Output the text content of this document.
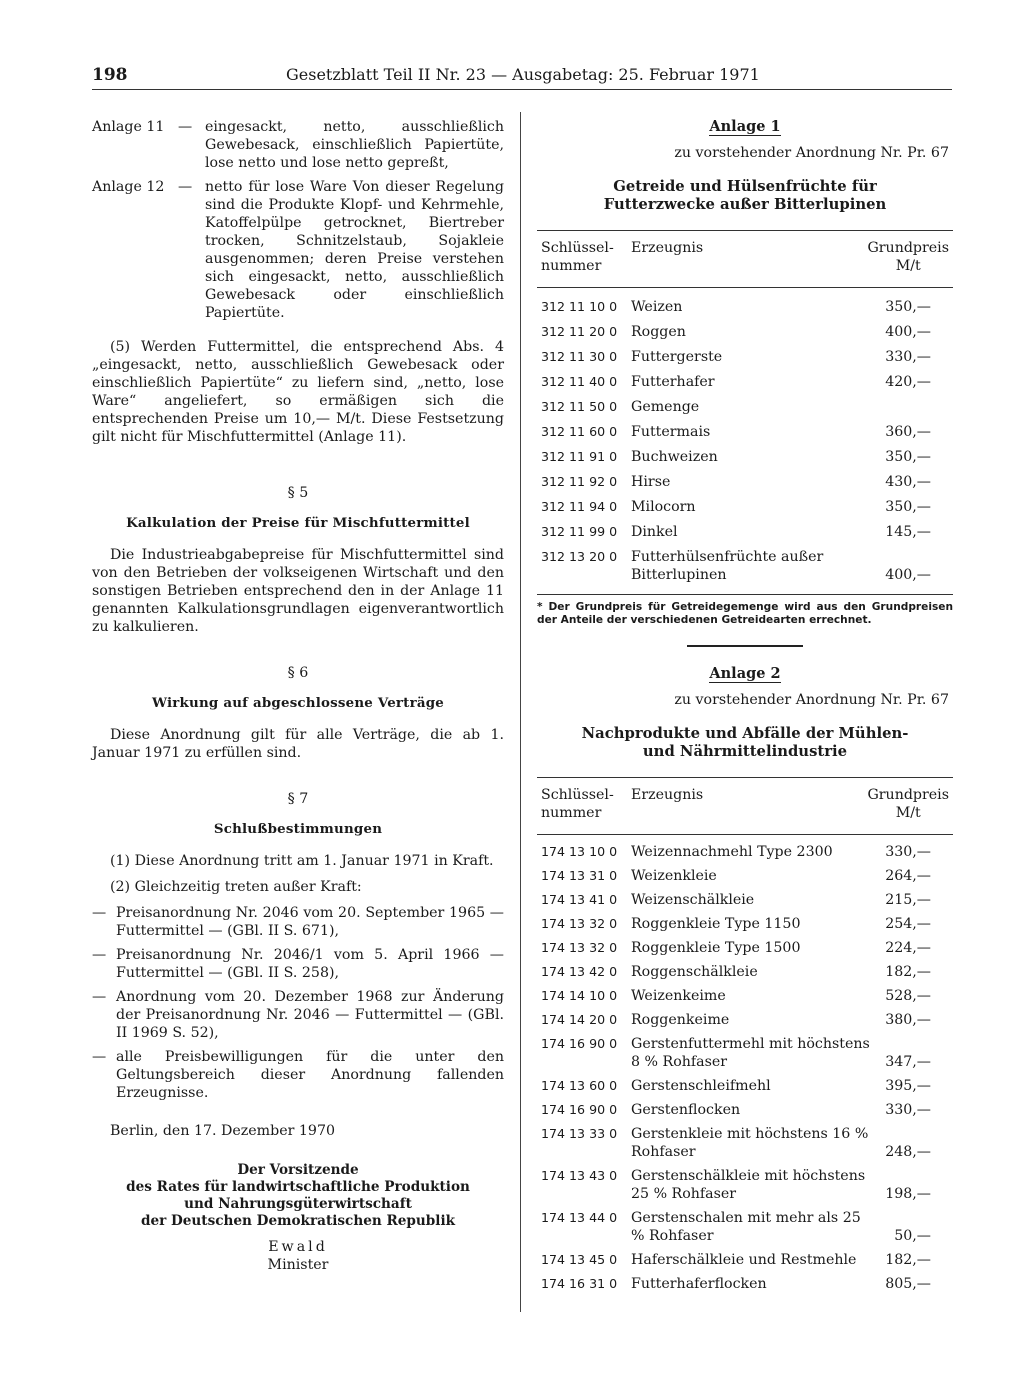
198	Gesetzblatt Teil II Nr. 23 — Ausgabetag: 25. Februar 1971
Anlage 11 — eingesackt, netto, ausschließlich Gewebesack, einschließlich Papiertüte, lose netto und lose netto gepreßt,
Anlage 12 — netto für lose Ware Von dieser Regelung sind die Produkte Klopf- und Kehrmehle, Katoffelpülpe getrocknet, Biertreber trocken, Schnitzelstaub, Sojakleie ausgenommen; deren Preise verstehen sich eingesackt, netto, ausschließlich Gewebesack oder einschließlich Papiertüte.
(5) Werden Futtermittel, die entsprechend Abs. 4 „eingesackt, netto, ausschließlich Gewebesack oder einschließlich Papiertüte“ zu liefern sind, „netto, lose Ware“ angeliefert, so ermäßigen sich die entsprechenden Preise um 10,— M/t. Diese Festsetzung gilt nicht für Mischfuttermittel (Anlage 11).
§ 5
Kalkulation der Preise für Mischfuttermittel
Die Industrieabgabepreise für Mischfuttermittel sind von den Betrieben der volkseigenen Wirtschaft und den sonstigen Betrieben entsprechend den in der Anlage 11 genannten Kalkulationsgrundlagen eigenverantwortlich zu kalkulieren.
§ 6
Wirkung auf abgeschlossene Verträge
Diese Anordnung gilt für alle Verträge, die ab 1. Januar 1971 zu erfüllen sind.
§ 7
Schlußbestimmungen
(1) Diese Anordnung tritt am 1. Januar 1971 in Kraft.
(2) Gleichzeitig treten außer Kraft:
— Preisanordnung Nr. 2046 vom 20. September 1965 — Futtermittel — (GBl. II S. 671),
— Preisanordnung Nr. 2046/1 vom 5. April 1966 — Futtermittel — (GBl. II S. 258),
— Anordnung vom 20. Dezember 1968 zur Änderung der Preisanordnung Nr. 2046 — Futtermittel — (GBl. II 1969 S. 52),
— alle Preisbewilligungen für die unter den Geltungsbereich dieser Anordnung fallenden Erzeugnisse.
Berlin, den 17. Dezember 1970
Der Vorsitzende
des Rates für landwirtschaftliche Produktion
und Nahrungsgüterwirtschaft
der Deutschen Demokratischen Republik
Ewald
Minister
Anlage 1
zu vorstehender Anordnung Nr. Pr. 67
Getreide und Hülsenfrüchte für Futterzwecke außer Bitterlupinen
Schlüssel-
nummer
Erzeugnis	Grundpreis
M/t
312 11 10 0 Weizen	350,—
312 11 20 0 Roggen	400,—
312 11 30 0 Futtergerste	330,—
312 11 40 0 Futterhafer	420,—
312 11 50 0 Gemenge
312 11 60 0 Futtermais	360,—
312 11 91 0 Buchweizen	350,—
312 11 92 0 Hirse	430,—
312 11 94 0 Milocorn	350,—
312 11 99 0 Dinkel	145,—
312 13 20 0 Futterhülsenfrüchte außer Bitterlupinen	400,—
* Der Grundpreis für Getreidegemenge wird aus den Grundpreisen der Anteile der verschiedenen Getreidearten errechnet.
Anlage 2
zu vorstehender Anordnung Nr. Pr. 67
Nachprodukte und Abfälle der Mühlen- und Nährmittelindustrie
Schlüssel-
nummer
Erzeugnis	Grundpreis
M/t
174 13 10 0 Weizennachmehl Type 2300	330,—
174 13 31 0 Weizenkleie	264,—
174 13 41 0 Weizenschälkleie	215,—
174 13 32 0 Roggenkleie Type 1150	254,—
174 13 32 0 Roggenkleie Type 1500	224,—
174 13 42 0 Roggenschälkleie	182,—
174 14 10 0 Weizenkeime	528,—
174 14 20 0 Roggenkeime	380,—
174 16 90 0 Gerstenfuttermehl mit höchstens 8 % Rohfaser	347,—
174 13 60 0 Gerstenschleifmehl	395,—
174 16 90 0 Gerstenflocken	330,—
174 13 33 0 Gerstenkleie mit höchstens 16 % Rohfaser	248,—
174 13 43 0 Gerstenschälkleie mit höchstens 25 % Rohfaser	198,—
174 13 44 0 Gerstenschalen mit mehr als 25 % Rohfaser	50,—
174 13 45 0 Haferschälkleie und Restmehle	182,—
174 16 31 0 Futterhaferflocken	805,—
